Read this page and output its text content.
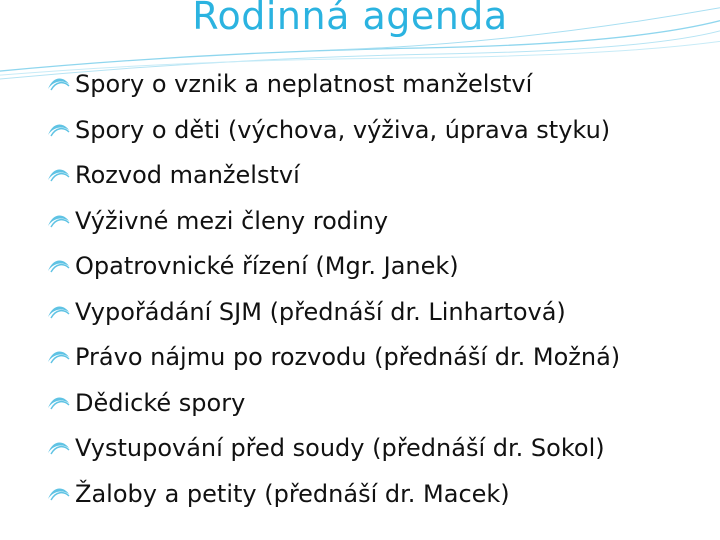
Rodinná agenda
Spory o vznik a neplatnost manželství
Spory o děti (výchova, výživa, úprava styku)
Rozvod manželství
Výživné mezi členy rodiny
Opatrovnické řízení (Mgr. Janek)
Vypořádání SJM (přednáší dr. Linhartová)
Právo nájmu po rozvodu (přednáší dr. Možná)
Dědické spory
Vystupování před soudy (přednáší dr. Sokol)
Žaloby a petity (přednáší dr. Macek)
